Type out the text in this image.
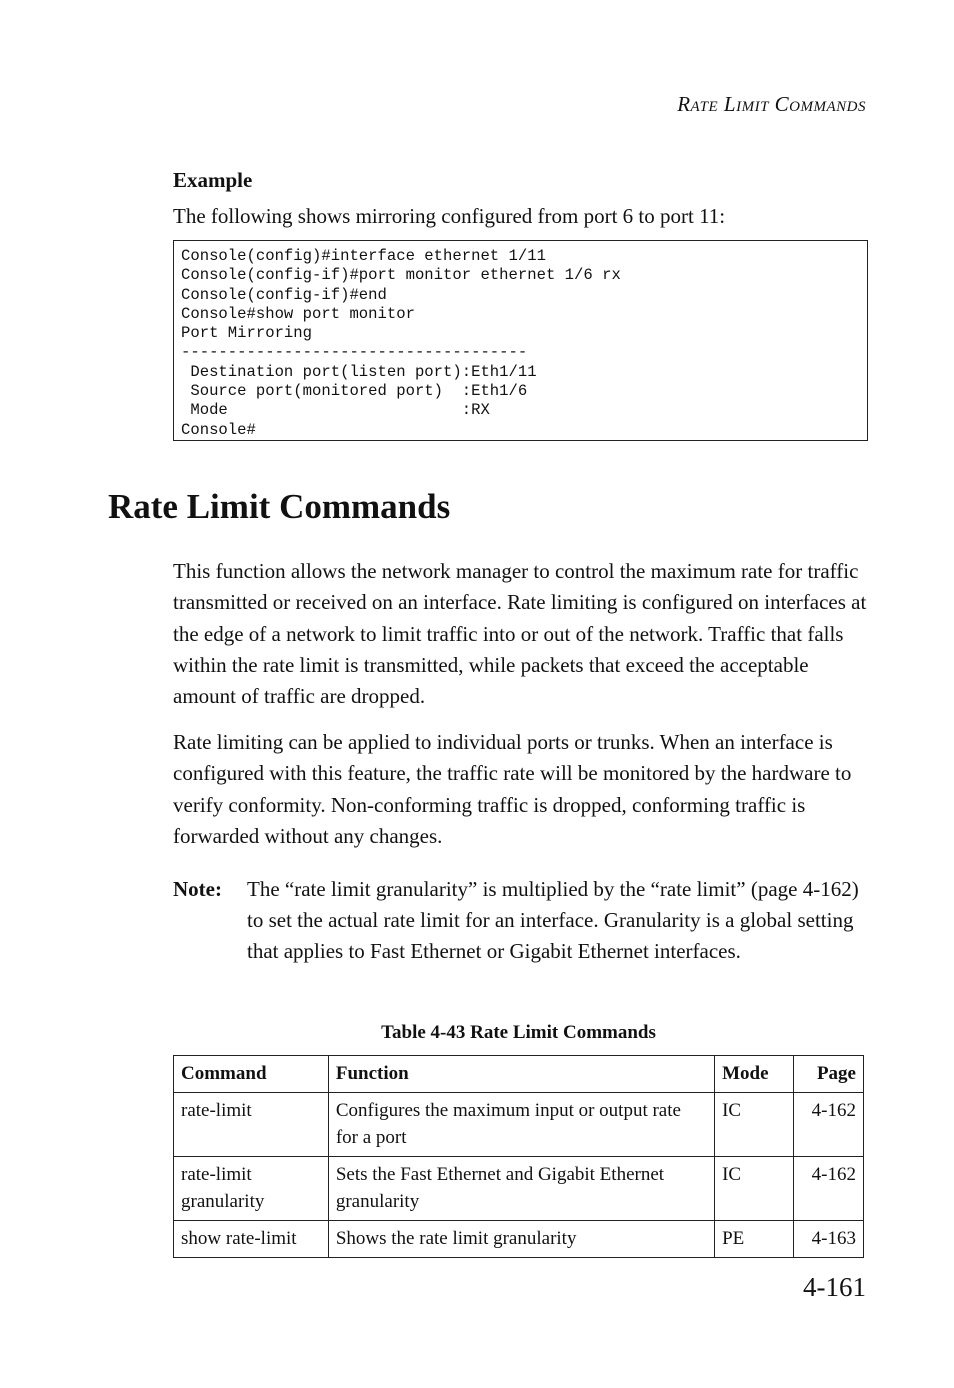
Rate Limit Commands
Example
The following shows mirroring configured from port 6 to port 11:
Console(config)#interface ethernet 1/11
Console(config-if)#port monitor ethernet 1/6 rx
Console(config-if)#end
Console#show port monitor
Port Mirroring
-------------------------------------
Destination port(listen port):Eth1/11
Source port(monitored port)  :Eth1/6
Mode                         :RX
Console#
Rate Limit Commands

This function allows the network manager to control the maximum rate for traffic transmitted or received on an interface. Rate limiting is configured on interfaces at the edge of a network to limit traffic into or out of the network. Traffic that falls within the rate limit is transmitted, while packets that exceed the acceptable amount of traffic are dropped.

Rate limiting can be applied to individual ports or trunks. When an interface is configured with this feature, the traffic rate will be monitored by the hardware to verify conformity. Non-conforming traffic is dropped, conforming traffic is forwarded without any changes.

Note: The “rate limit granularity” is multiplied by the “rate limit” (page 4-162) to set the actual rate limit for an interface. Granularity is a global setting that applies to Fast Ethernet or Gigabit Ethernet interfaces.
Table 4-43 Rate Limit Commands
Command	Function	Mode	Page
rate-limit	Configures the maximum input or output rate for a port	IC	4-162
rate-limit granularity	Sets the Fast Ethernet and Gigabit Ethernet granularity	IC	4-162
show rate-limit	Shows the rate limit granularity	PE	4-163
4-161
